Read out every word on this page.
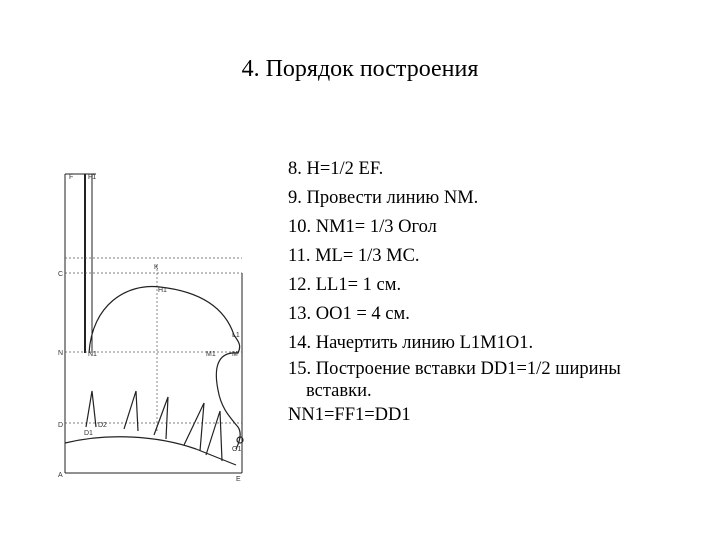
4. Порядок построения
8. H=1/2 EF.
9. Провести линию NM.
10. NM1= 1/3 Огол
11. ML= 1/3 MC.
12. LL1= 1 см.
13. OO1 = 4 см.
14. Начертить линию L1M1O1.
15. Построение вставки DD1=1/2 ширины
вставки.
NN1=FF1=DD1
F F1
С
К
H1
L1
N	N1	M1 M
D
D1
D2
O1
A
E
